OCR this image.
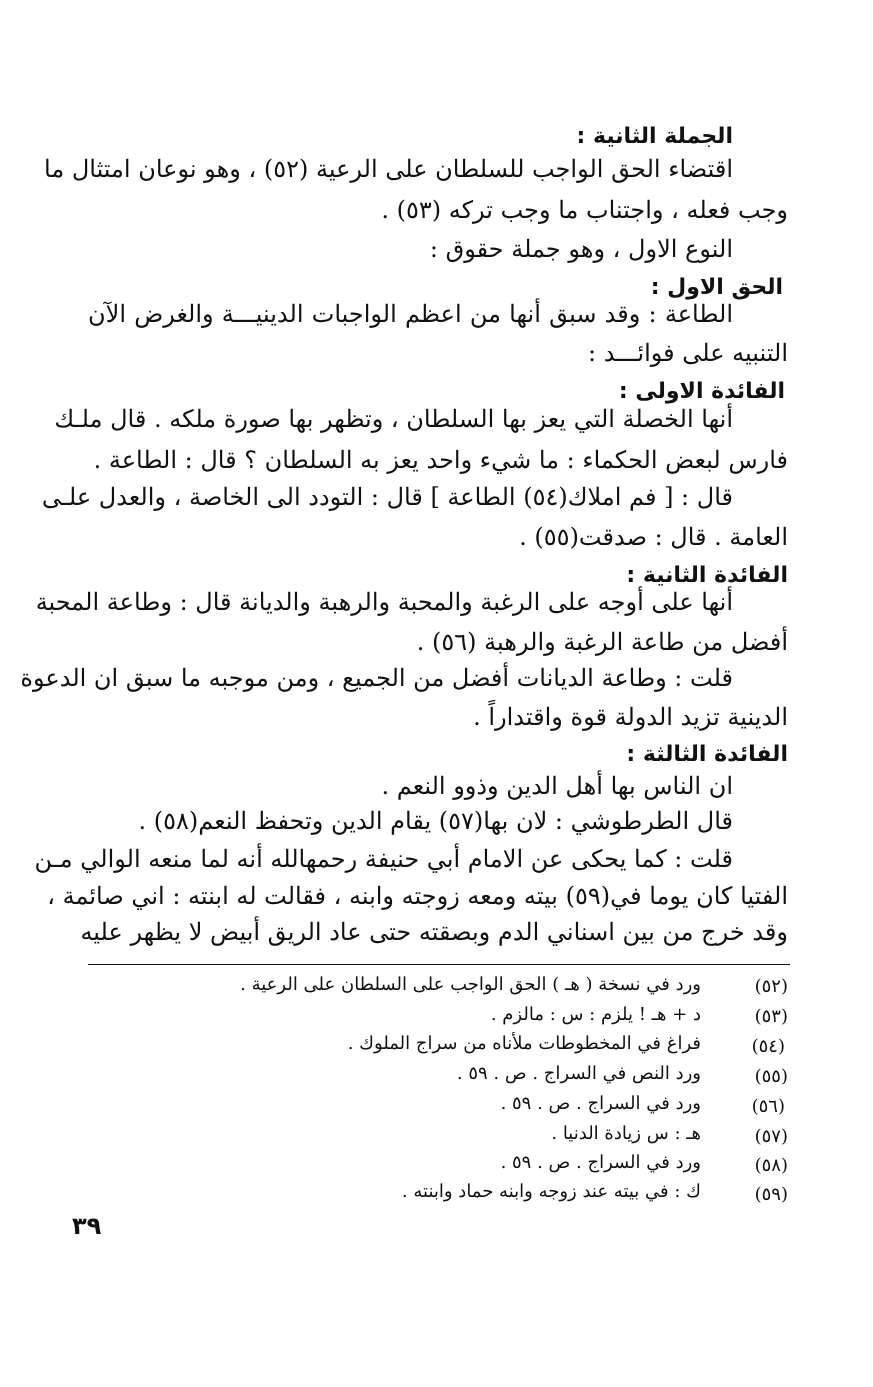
الجملة الثانية :
اقتضاء الحق الواجب للسلطان على الرعية (٥٢) ، وهو نوعان امتثال ما
وجب فعله ، واجتناب ما وجب تركه (٥٣) .
النوع الاول ، وهو جملة حقوق :
الحق الاول :
الطاعة : وقد سبق أنها من اعظم الواجبات الدينيـــة والغرض الآن
التنبيه على فوائـــد :
الفائدة الاولى :
أنها الخصلة التي يعز بها السلطان ، وتظهر بها صورة ملكه . قال ملـك
فارس لبعض الحكماء : ما شيء واحد يعز به السلطان ؟ قال : الطاعة .
قال : [ فم املاك(٥٤) الطاعة ] قال : التودد الى الخاصة ، والعدل علـى
العامة . قال : صدقت(٥٥) .
الفائدة الثانية :
أنها على أوجه على الرغبة والمحبة والرهبة والديانة قال : وطاعة المحبة
أفضل من طاعة الرغبة والرهبة (٥٦) .
قلت : وطاعة الديانات أفضل من الجميع ، ومن موجبه ما سبق ان الدعوة
الدينية تزيد الدولة قوة واقتداراً .
الفائدة الثالثة :
ان الناس بها أهل الدين وذوو النعم .
قال الطرطوشي : لان بها(٥٧) يقام الدين وتحفظ النعم(٥٨) .
قلت : كما يحكى عن الامام أبي حنيفة رحمهالله أنه لما منعه الوالي مـن
الفتيا كان يوما في(٥٩) بيته ومعه زوجته وابنه ، فقالت له ابنته : اني صائمة ،
وقد خرج من بين اسناني الدم وبصقته حتى عاد الريق أبيض لا يظهر عليه
(٥٢)
ورد في نسخة ( هـ ) الحق الواجب على السلطان على الرعية .
(٥٣)
د + هـ ! يلزم : س : مالزم .
(٥٤)
فراغ في المخطوطات ملأناه من سراج الملوك .
(٥٥)
ورد النص في السراج . ص . ٥٩ .
(٥٦)
ورد في السراج . ص . ٥٩ .
(٥٧)
هـ : س زيادة الدنيا .
(٥٨)
ورد في السراج . ص . ٥٩ .
(٥٩)
ك : في بيته عند زوجه وابنه حماد وابنته .
٣٩
